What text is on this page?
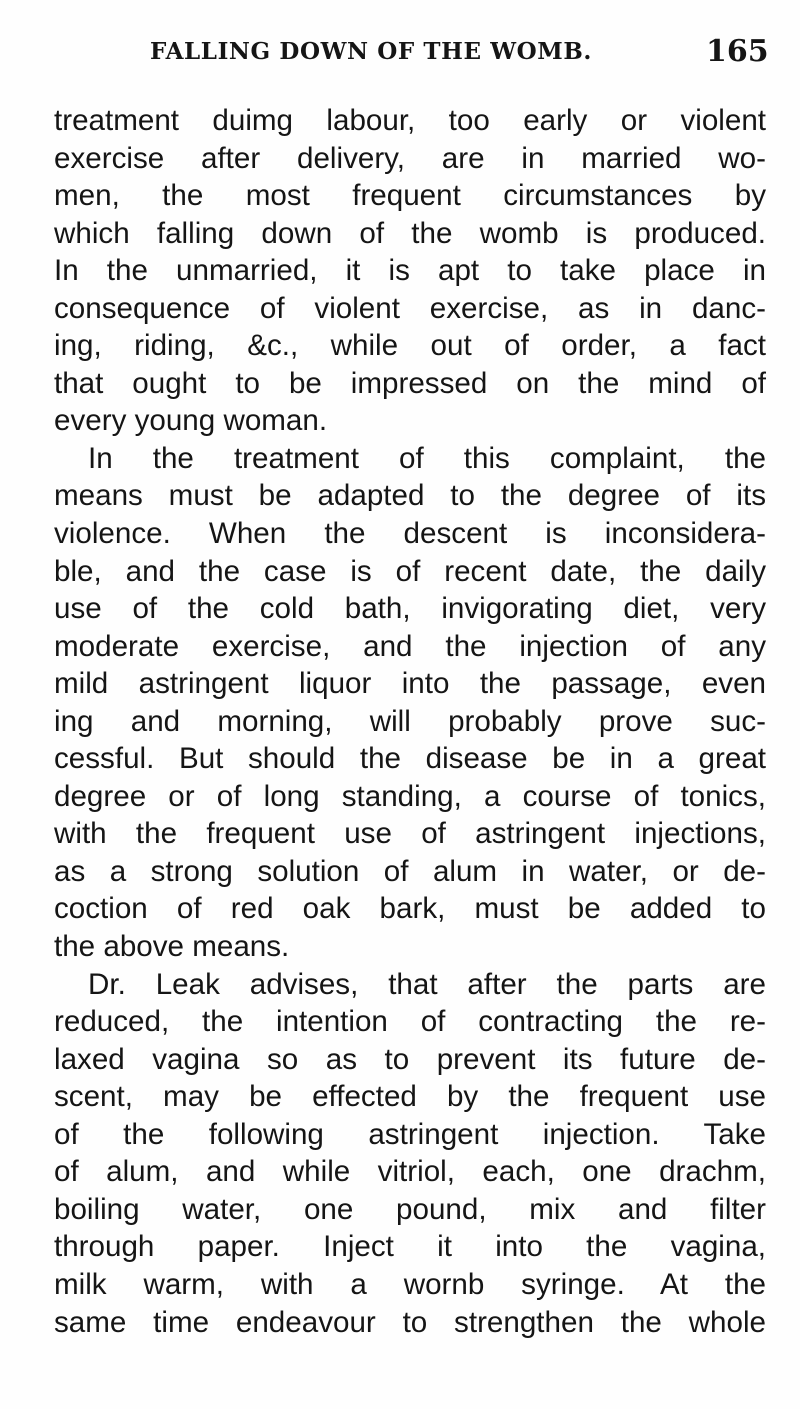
FALLING DOWN OF THE WOMB.	165
treatment duimg labour, too early or violent
exercise after delivery, are in married wo-
men, the most frequent circumstances by
which falling down of the womb is produced.
In the unmarried, it is apt to take place in
consequence of violent exercise, as in danc-
ing, riding, &c., while out of order, a fact
that ought to be impressed on the mind of
every young woman.
In the treatment of this complaint, the
means must be adapted to the degree of its
violence. When the descent is inconsidera-
ble, and the case is of recent date, the daily
use of the cold bath, invigorating diet, very
moderate exercise, and the injection of any
mild astringent liquor into the passage, even
ing and morning, will probably prove suc-
cessful. But should the disease be in a great
degree or of long standing, a course of tonics,
with the frequent use of astringent injections,
as a strong solution of alum in water, or de-
coction of red oak bark, must be added to
the above means.
Dr. Leak advises, that after the parts are
reduced, the intention of contracting the re-
laxed vagina so as to prevent its future de-
scent, may be effected by the frequent use
of the following astringent injection. Take
of alum, and while vitriol, each, one drachm,
boiling water, one pound, mix and filter
through paper. Inject it into the vagina,
milk warm, with a wornb syringe. At the
same time endeavour to strengthen the whole
